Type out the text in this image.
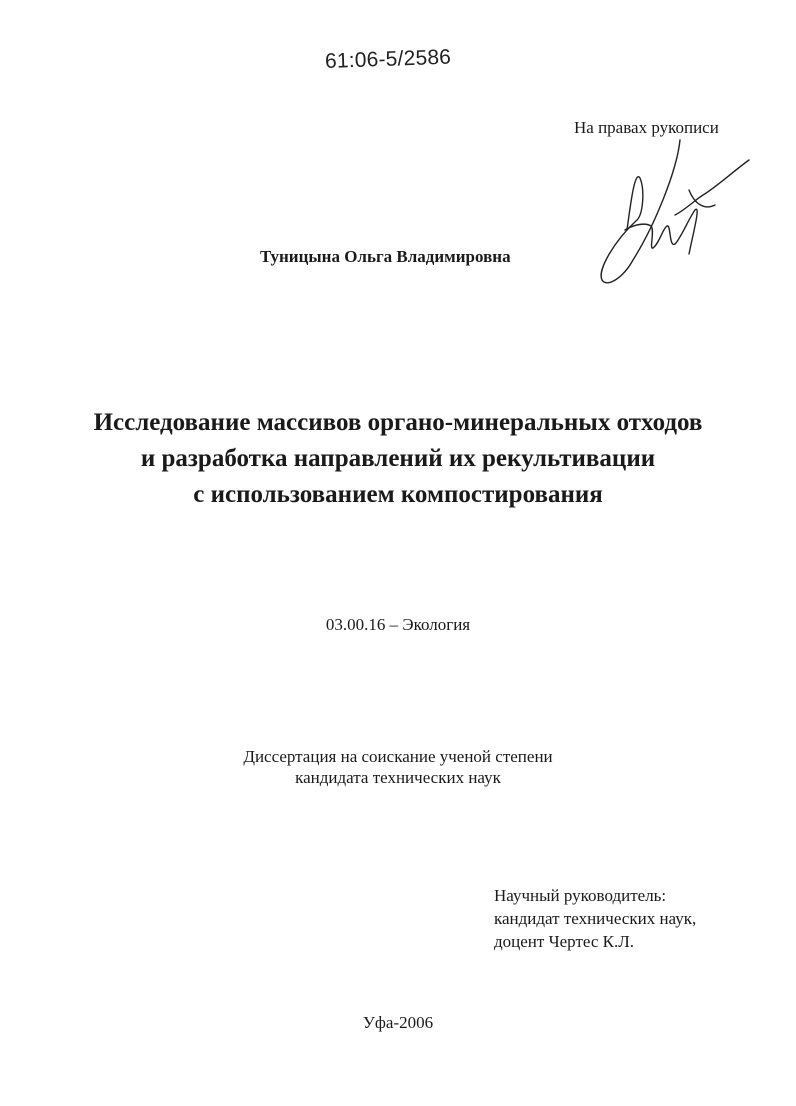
61:06-5/2586
На правах рукописи
Туницына Ольга Владимировна
Исследование массивов органо-минеральных отходов
и разработка направлений их рекультивации
с использованием компостирования
03.00.16 – Экология
Диссертация на соискание ученой степени
кандидата технических наук
Научный руководитель:
кандидат технических наук,
доцент Чертес К.Л.
Уфа-2006
